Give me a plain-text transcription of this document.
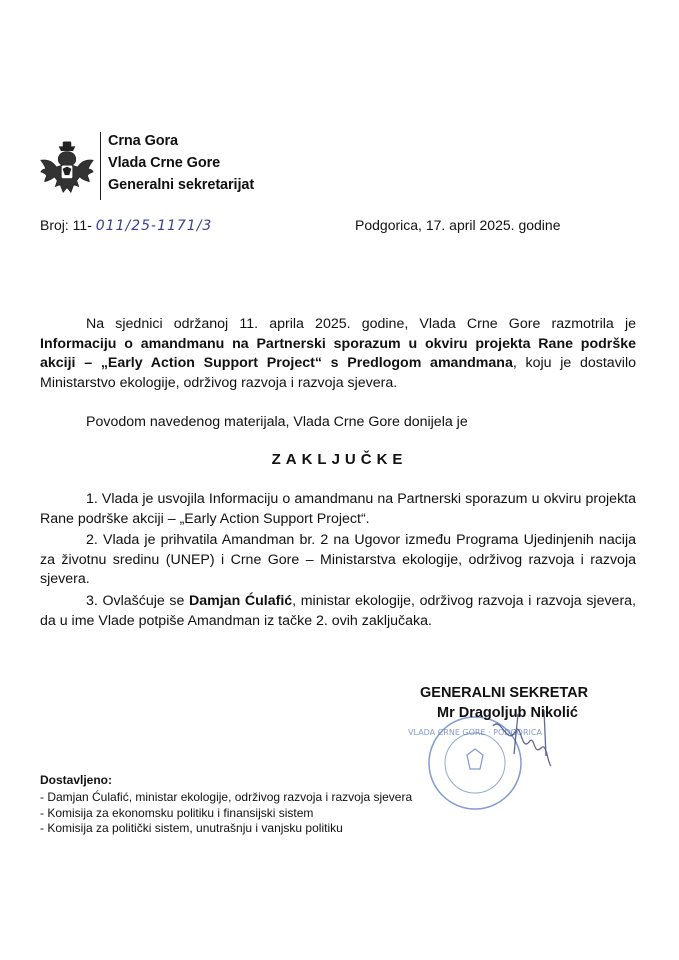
Crna Gora
Vlada Crne Gore
Generalni sekretarijat
Broj: 11- 011/25-1171/3	Podgorica, 17. april 2025. godine
Na sjednici održanoj 11. aprila 2025. godine, Vlada Crne Gore razmotrila je Informaciju o amandmanu na Partnerski sporazum u okviru projekta Rane podrške akciji – „Early Action Support Project“ s Predlogom amandmana, koju je dostavilo Ministarstvo ekologije, održivog razvoja i razvoja sjevera.
Povodom navedenog materijala, Vlada Crne Gore donijela je
ZAKLJUČKE
1. Vlada je usvojila Informaciju o amandmanu na Partnerski sporazum u okviru projekta Rane podrške akciji – „Early Action Support Project“.
2. Vlada je prihvatila Amandman br. 2 na Ugovor između Programa Ujedinjenih nacija za životnu sredinu (UNEP) i Crne Gore – Ministarstva ekologije, održivog razvoja i razvoja sjevera.
3. Ovlašćuje se Damjan Ćulafić, ministar ekologije, održivog razvoja i razvoja sjevera, da u ime Vlade potpiše Amandman iz tačke 2. ovih zaključaka.
VLADA CRNE GORE · PODGORICA
GENERALNI SEKRETAR
Mr Dragoljub Nikolić
Dostavljeno:
- Damjan Ćulafić, ministar ekologije, održivog razvoja i razvoja sjevera
- Komisija za ekonomsku politiku i finansijski sistem
- Komisija za politički sistem, unutrašnju i vanjsku politiku
